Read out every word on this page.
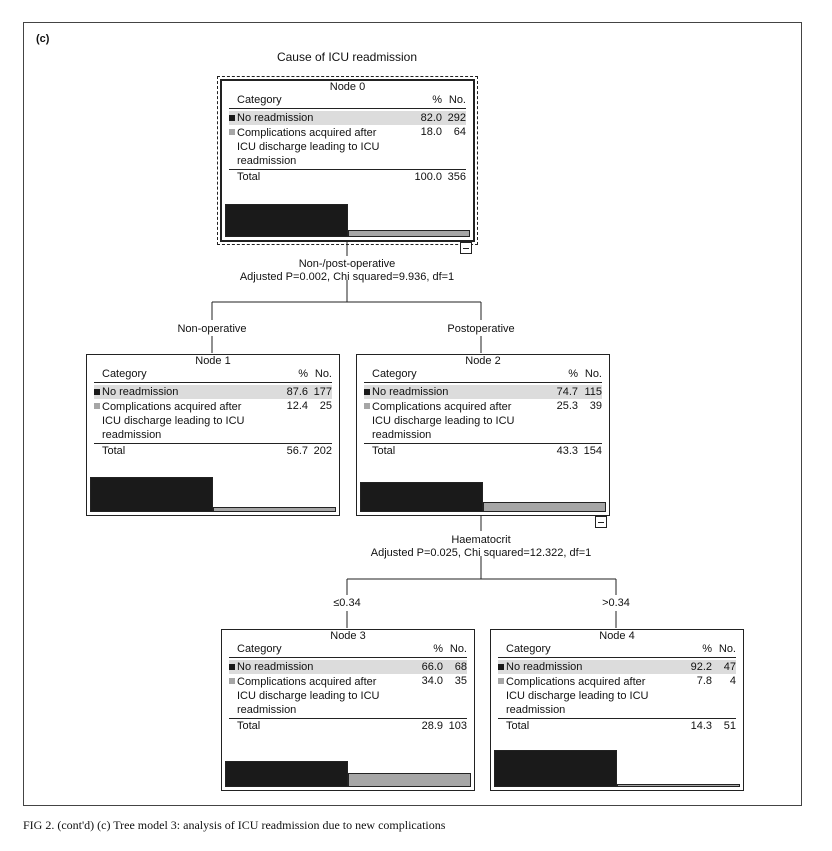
(c)
Cause of ICU readmission
Non-/post-operative
Adjusted P=0.002, Chi squared=9.936, df=1
Non-operative	Postoperative
Haematocrit
Adjusted P=0.025, Chi squared=12.322, df=1
≤0.34	>0.34
Node 0
Category	% No.
No readmission	82.0 292
Complications acquired after ICU discharge leading to ICU readmission
18.0 64
Total	100.0 356
Node 1
Category	% No.
No readmission	87.6 177
Complications acquired after ICU discharge leading to ICU readmission
12.4 25
Total	56.7 202
Node 2
Category	% No.
No readmission	74.7 115
Complications acquired after ICU discharge leading to ICU readmission
25.3 39
Total	43.3 154
Node 3
Category	% No.
No readmission	66.0 68
Complications acquired after ICU discharge leading to ICU readmission
34.0 35
Total	28.9 103
Node 4
Category	% No.
No readmission	92.2 47
Complications acquired after ICU discharge leading to ICU readmission
7.8 4
Total	14.3 51
FIG 2. (cont'd) (c) Tree model 3: analysis of ICU readmission due to new complications
